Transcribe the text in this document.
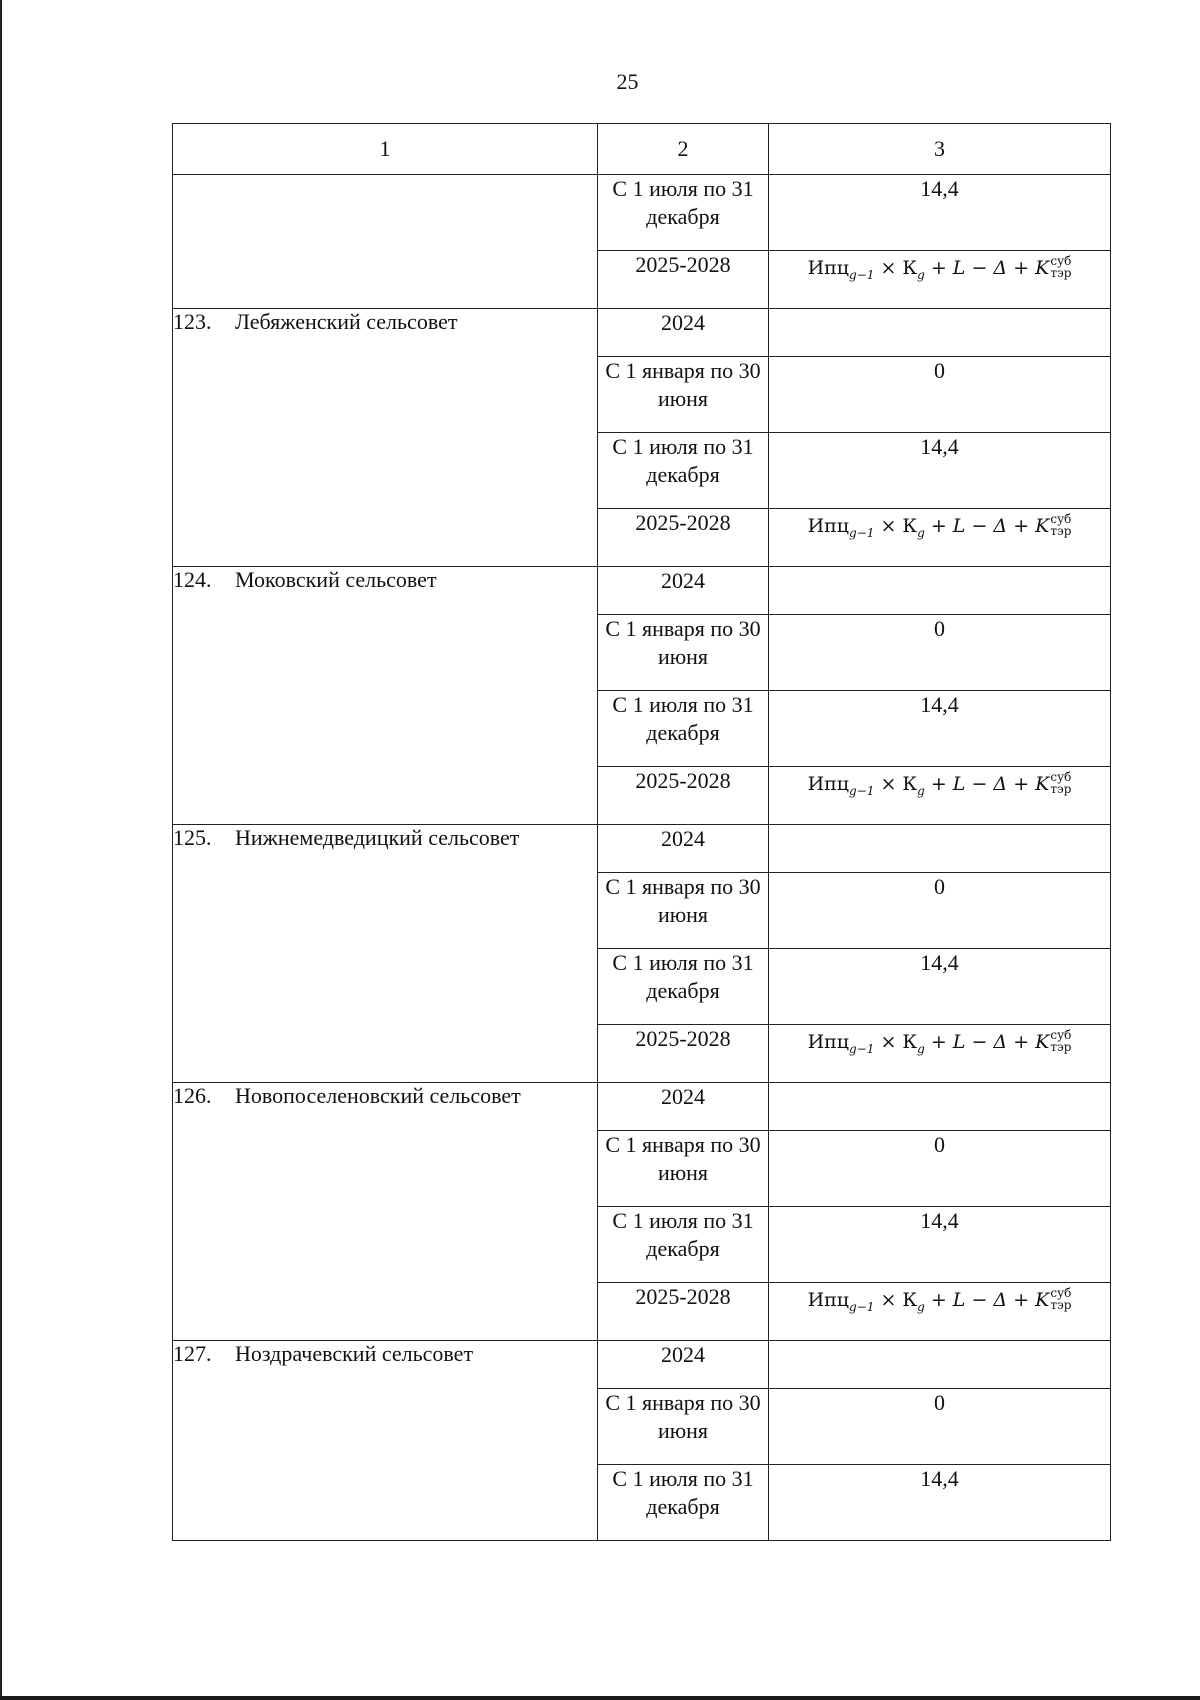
25
1	2	3
	С 1 июля по 31 декабря	14,4
	2025-2028	$Ипц_{g-1} \times К_g + L - \Delta + K$ суб
тэр

123. Лебяженский сельсовет	2024	
	С 1 января по 30 июня	0
	С 1 июля по 31 декабря	14,4
	2025-2028	$Ипц_{g-1} \times К_g + L - \Delta + K$ суб
тэр

124. Моковский сельсовет	2024	
	С 1 января по 30 июня	0
	С 1 июля по 31 декабря	14,4
	2025-2028	$Ипц_{g-1} \times К_g + L - \Delta + K$ суб
тэр

125. Нижнемедведицкий сельсовет	2024	
	С 1 января по 30 июня	0
	С 1 июля по 31 декабря	14,4
	2025-2028	$Ипц_{g-1} \times К_g + L - \Delta + K$ суб
тэр

126. Новопоселеновский сельсовет	2024	
	С 1 января по 30 июня	0
	С 1 июля по 31 декабря	14,4
	2025-2028	$Ипц_{g-1} \times К_g + L - \Delta + K$ суб
тэр

127. Ноздрачевский сельсовет	2024	
	С 1 января по 30 июня	0
	С 1 июля по 31 декабря	14,4
